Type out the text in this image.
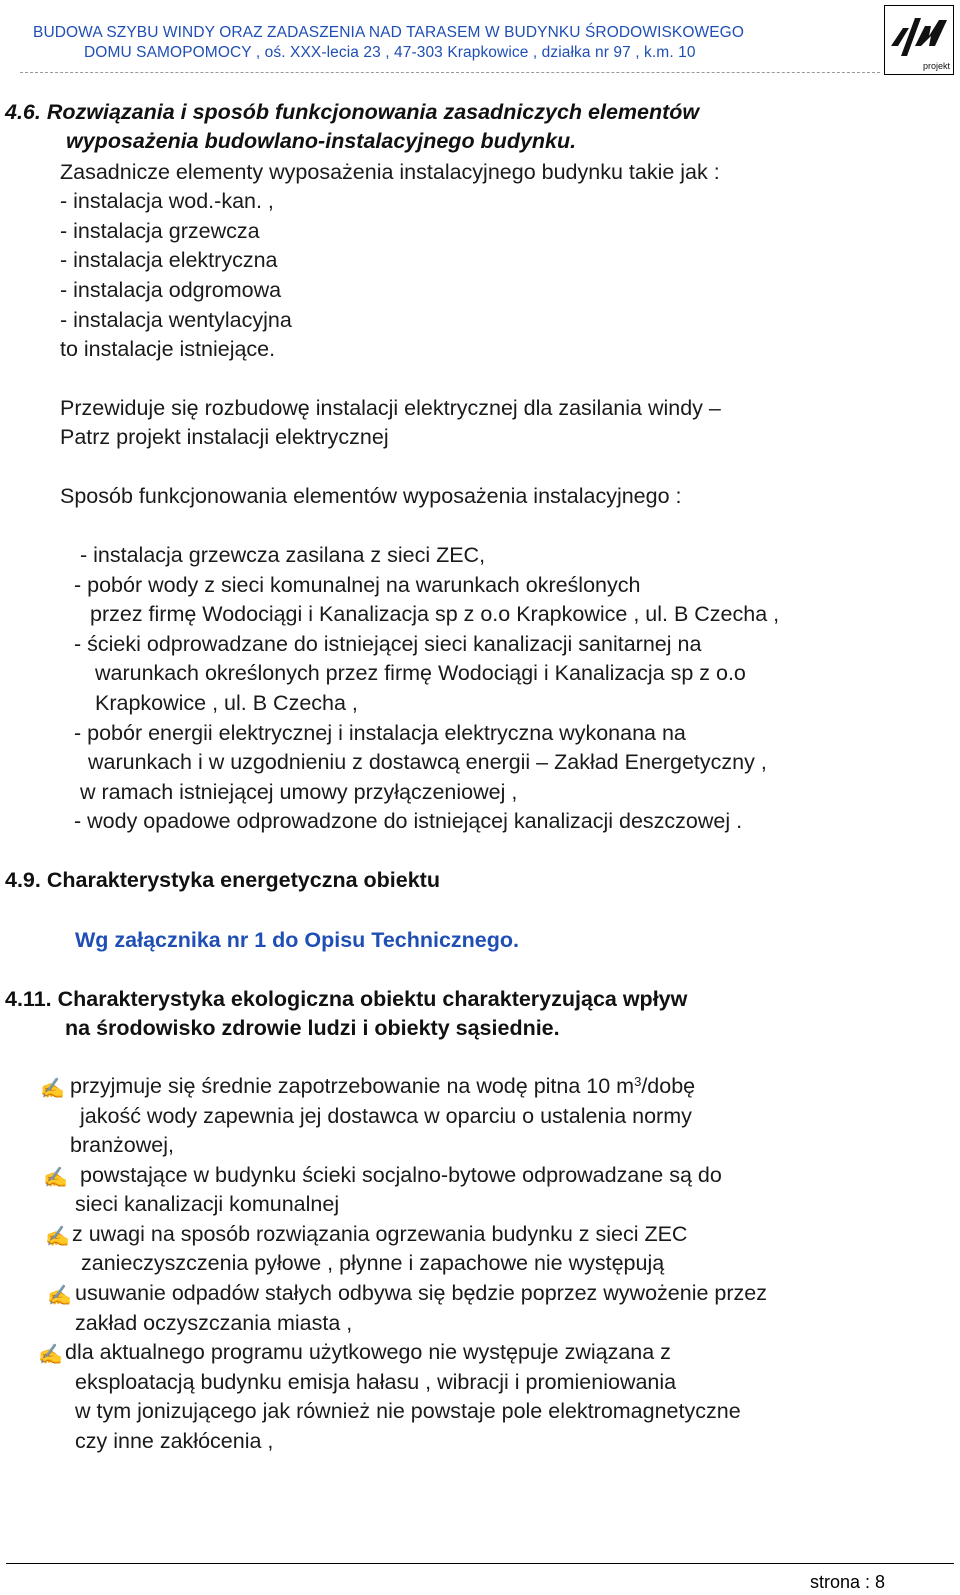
BUDOWA SZYBU WINDY ORAZ ZADASZENIA NAD TARASEM W BUDYNKU ŚRODOWISKOWEGO
DOMU SAMOPOMOCY , oś. XXX-lecia 23 , 47-303 Krapkowice , działka nr 97 , k.m. 10
projekt
4.6. Rozwiązania i sposób funkcjonowania zasadniczych elementów
wyposażenia budowlano-instalacyjnego budynku.
Zasadnicze elementy wyposażenia instalacyjnego budynku takie jak :
- instalacja wod.-kan. ,
- instalacja grzewcza
- instalacja elektryczna
- instalacja odgromowa
- instalacja wentylacyjna
to instalacje istniejące.
Przewiduje się rozbudowę instalacji elektrycznej dla zasilania windy –
Patrz projekt instalacji elektrycznej
Sposób funkcjonowania elementów wyposażenia instalacyjnego :
- instalacja grzewcza zasilana z sieci ZEC,
- pobór wody z sieci komunalnej na warunkach określonych
przez firmę Wodociągi i Kanalizacja sp z o.o Krapkowice , ul. B Czecha ,
- ścieki odprowadzane do istniejącej sieci kanalizacji sanitarnej na
warunkach określonych przez firmę Wodociągi i Kanalizacja sp z o.o
Krapkowice , ul. B Czecha ,
- pobór energii elektrycznej i instalacja elektryczna wykonana na
warunkach i w uzgodnieniu z dostawcą energii – Zakład Energetyczny ,
w ramach istniejącej umowy przyłączeniowej ,
- wody opadowe odprowadzone do istniejącej kanalizacji deszczowej .
4.9. Charakterystyka energetyczna obiektu
Wg załącznika nr 1 do Opisu Technicznego.
4.11. Charakterystyka ekologiczna obiektu charakteryzująca wpływ
na środowisko zdrowie ludzi i obiekty sąsiednie.
✍ przyjmuje się średnie zapotrzebowanie na wodę pitna 10 $m^3$/dobę
jakość wody zapewnia jej dostawca w oparciu o ustalenia normy
branżowej,
✍ powstające w budynku ścieki socjalno-bytowe odprowadzane są do
sieci kanalizacji komunalnej
✍ z uwagi na sposób rozwiązania ogrzewania budynku z sieci ZEC
zanieczyszczenia pyłowe , płynne i zapachowe nie występują
✍ usuwanie odpadów stałych odbywa się będzie poprzez wywożenie przez
zakład oczyszczania miasta ,
✍ dla aktualnego programu użytkowego nie występuje związana z
eksploatacją budynku emisja hałasu , wibracji i promieniowania
w tym jonizującego jak również nie powstaje pole elektromagnetyczne
czy inne zakłócenia ,
strona : 8
